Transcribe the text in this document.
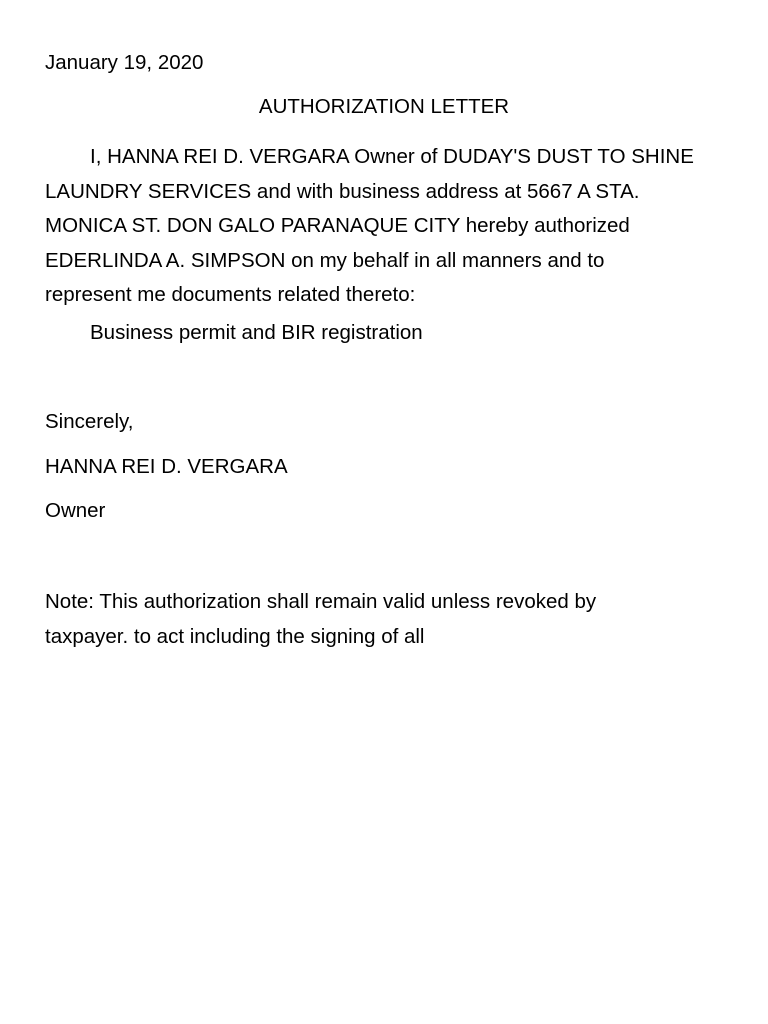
January 19, 2020
AUTHORIZATION LETTER
I, HANNA REI D. VERGARA Owner of DUDAY'S DUST TO SHINE
LAUNDRY SERVICES and with business address at 5667 A STA.
MONICA ST. DON GALO PARANAQUE CITY hereby authorized
EDERLINDA A. SIMPSON on my behalf in all manners and to
represent me documents related thereto:
Business permit and BIR registration
Sincerely,
HANNA REI D. VERGARA
Owner
Note: This authorization shall remain valid unless revoked by
taxpayer. to act including the signing of all
